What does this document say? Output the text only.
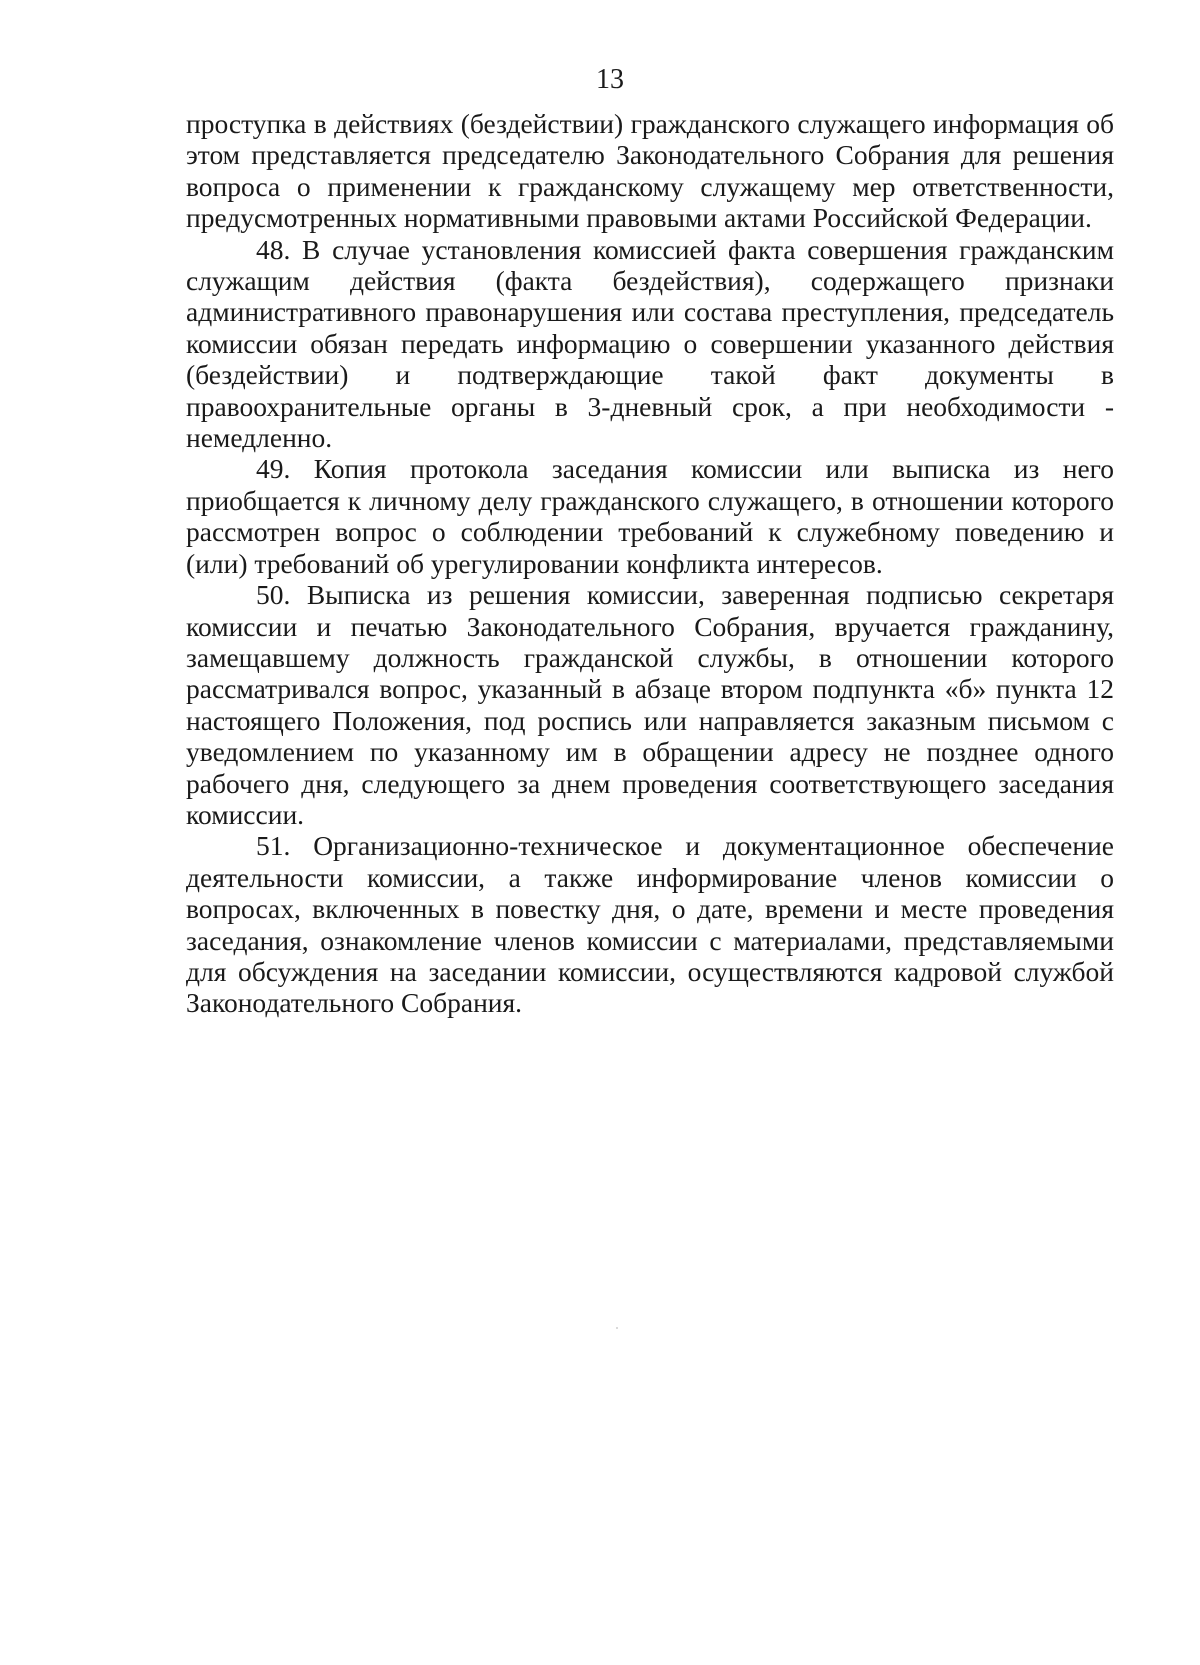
13

проступка в действиях (бездействии) гражданского служащего информация об этом представляется председателю Законодательного Собрания для решения вопроса о применении к гражданскому служащему мер ответственности, предусмотренных нормативными правовыми актами Российской Федерации.

48. В случае установления комиссией факта совершения гражданским служащим действия (факта бездействия), содержащего признаки административного правонарушения или состава преступления, председатель комиссии обязан передать информацию о совершении указанного действия (бездействии) и подтверждающие такой факт документы в правоохранительные органы в 3-дневный срок, а при необходимости - немедленно.

49. Копия протокола заседания комиссии или выписка из него приобщается к личному делу гражданского служащего, в отношении которого рассмотрен вопрос о соблюдении требований к служебному поведению и (или) требований об урегулировании конфликта интересов.

50. Выписка из решения комиссии, заверенная подписью секретаря комиссии и печатью Законодательного Собрания, вручается гражданину, замещавшему должность гражданской службы, в отношении которого рассматривался вопрос, указанный в абзаце втором подпункта «б» пункта 12 настоящего Положения, под роспись или направляется заказным письмом с уведомлением по указанному им в обращении адресу не позднее одного рабочего дня, следующего за днем проведения соответствующего заседания комиссии.

51. Организационно-техническое и документационное обеспечение деятельности комиссии, а также информирование членов комиссии о вопросах, включенных в повестку дня, о дате, времени и месте проведения заседания, ознакомление членов комиссии с материалами, представляемыми для обсуждения на заседании комиссии, осуществляются кадровой службой Законодательного Собрания.
